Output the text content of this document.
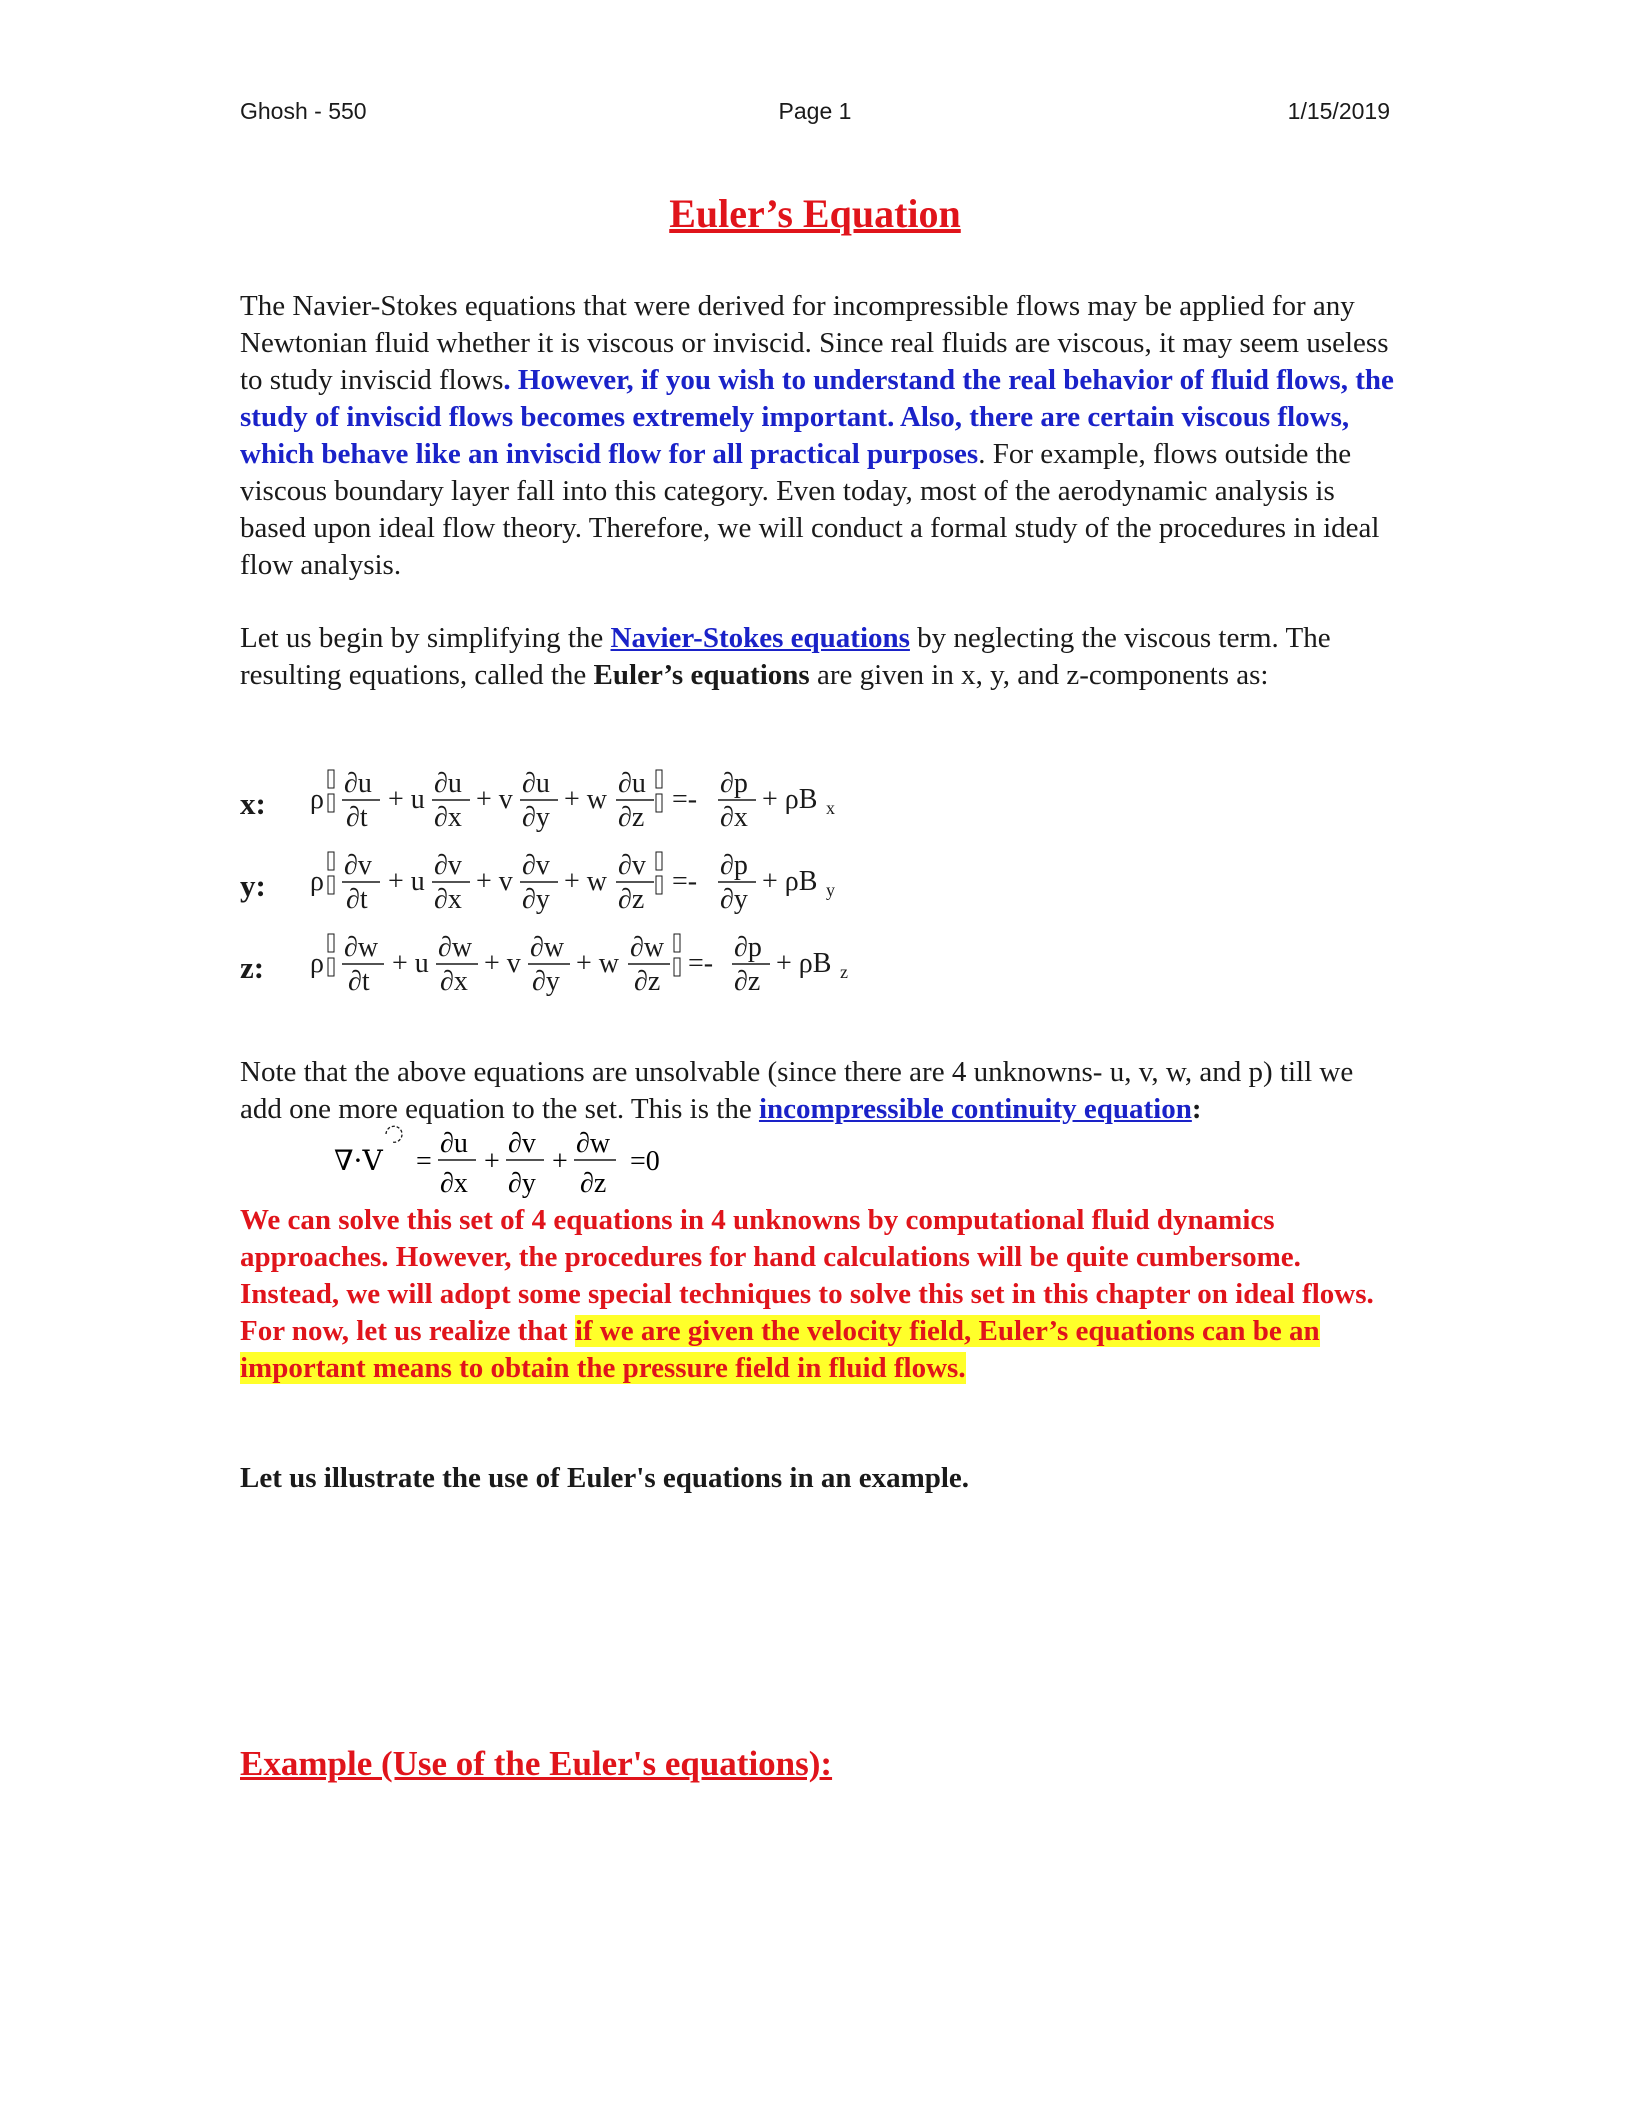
Ghosh - 550	Page 1	1/15/2019
Euler’s Equation

The Navier-Stokes equations that were derived for incompressible flows may be applied for any Newtonian fluid whether it is viscous or inviscid. Since real fluids are viscous, it may seem useless to study inviscid flows. However, if you wish to understand the real behavior of fluid flows, the study of inviscid flows becomes extremely important. Also, there are certain viscous flows, which behave like an inviscid flow for all practical purposes. For example, flows outside the viscous boundary layer fall into this category. Even today, most of the aerodynamic analysis is based upon ideal flow theory. Therefore, we will conduct a formal study of the procedures in ideal flow analysis.

Let us begin by simplifying the Navier-Stokes equations by neglecting the viscous term. The resulting equations, called the Euler’s equations are given in x, y, and z-components as:

x:
y:
z:
ρ
∂u
∂t
+ u
∂u
∂x
+ v
∂u
∂y
+ w
∂u
∂z
=-
∂p
∂x
+ ρB x
ρ
∂v
∂t
+ u
∂v
∂x
+ v
∂v
∂y
+ w
∂v
∂z
=-
∂p
∂y
+ ρB y
ρ
∂w
∂t
+ u
∂w
∂x
+ v
∂w
∂y
+ w
∂w
∂z
=-
∂p
∂z
+ ρB z

Note that the above equations are unsolvable (since there are 4 unknowns- u, v, w, and p) till we add one more equation to the set. This is the incompressible continuity equation:

∇·V =
∂u
∂x
+
∂v
∂y
+
∂w
∂z
=0

We can solve this set of 4 equations in 4 unknowns by computational fluid dynamics approaches. However, the procedures for hand calculations will be quite cumbersome. Instead, we will adopt some special techniques to solve this set in this chapter on ideal flows. For now, let us realize that if we are given the velocity field, Euler’s equations can be an important means to obtain the pressure field in fluid flows.

Let us illustrate the use of Euler's equations in an example.

Example (Use of the Euler's equations):
